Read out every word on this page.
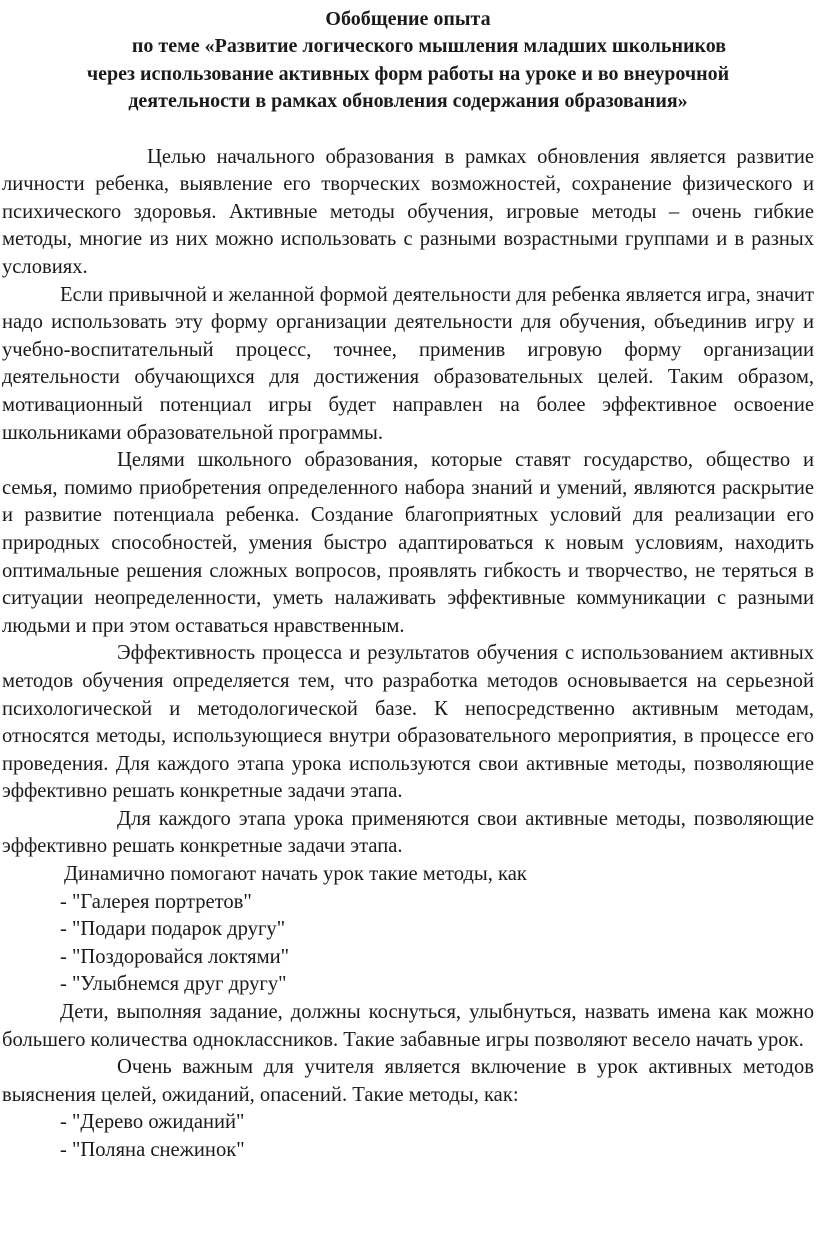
Обобщение опыта
по теме «Развитие логического мышления младших школьников
через использование активных форм работы на уроке и во внеурочной
деятельности в рамках обновления содержания образования»

Целью начального образования в рамках обновления является развитие личности ребенка, выявление его творческих возможностей, сохранение физического и психического здоровья. Активные методы обучения, игровые методы – очень гибкие методы, многие из них можно использовать с разными возрастными группами и в разных условиях.

Если привычной и желанной формой деятельности для ребенка является игра, значит надо использовать эту форму организации деятельности для обучения, объединив игру и учебно-воспитательный процесс, точнее, применив игровую форму организации деятельности обучающихся для достижения образовательных целей. Таким образом, мотивационный потенциал игры будет направлен на более эффективное освоение школьниками образовательной программы.

Целями школьного образования, которые ставят государство, общество и семья, помимо приобретения определенного набора знаний и умений, являются раскрытие и развитие потенциала ребенка. Создание благоприятных условий для реализации его природных способностей, умения быстро адаптироваться к новым условиям, находить оптимальные решения сложных вопросов, проявлять гибкость и творчество, не теряться в ситуации неопределенности, уметь налаживать эффективные коммуникации с разными людьми и при этом оставаться нравственным.

Эффективность процесса и результатов обучения с использованием активных методов обучения определяется тем, что разработка методов основывается на серьезной психологической и методологической базе. К непосредственно активным методам, относятся методы, использующиеся внутри образовательного мероприятия, в процессе его проведения. Для каждого этапа урока используются свои активные методы, позволяющие эффективно решать конкретные задачи этапа.

Для каждого этапа урока применяются свои активные методы, позволяющие эффективно решать конкретные задачи этапа.

Динамично помогают начать урок такие методы, как

- "Галерея портретов"
- "Подари подарок другу"
- "Поздоровайся локтями"
- "Улыбнемся друг другу"

Дети, выполняя задание, должны коснуться, улыбнуться, назвать имена как можно большего количества одноклассников. Такие забавные игры позволяют весело начать урок.

Очень важным для учителя является включение в урок активных методов выяснения целей, ожиданий, опасений. Такие методы, как:

- "Дерево ожиданий"
- "Поляна снежинок"
